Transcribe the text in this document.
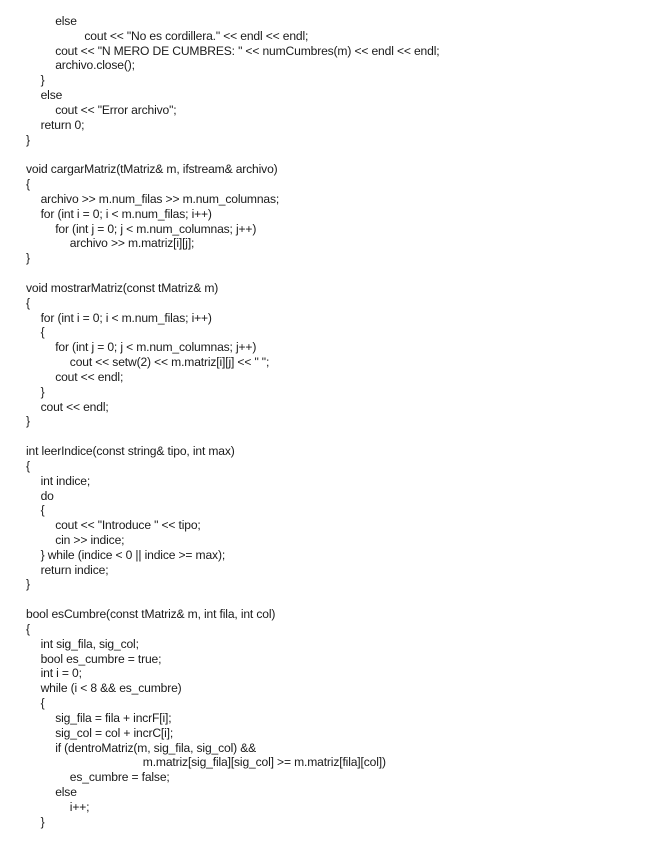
else
cout << "No es cordillera." << endl << endl;
cout << "N MERO DE CUMBRES: " << numCumbres(m) << endl << endl;
archivo.close();
}
else
cout << "Error archivo";
return 0;
}
void cargarMatriz(tMatriz& m, ifstream& archivo)
{
archivo >> m.num_filas >> m.num_columnas;
for (int i = 0; i < m.num_filas; i++)
for (int j = 0; j < m.num_columnas; j++)
archivo >> m.matriz[i][j];
}
void mostrarMatriz(const tMatriz& m)
{
for (int i = 0; i < m.num_filas; i++)
{
for (int j = 0; j < m.num_columnas; j++)
cout << setw(2) << m.matriz[i][j] << " ";
cout << endl;
}
cout << endl;
}
int leerIndice(const string& tipo, int max)
{
int indice;
do
{
cout << "Introduce " << tipo;
cin >> indice;
} while (indice < 0 || indice >= max);
return indice;
}
bool esCumbre(const tMatriz& m, int fila, int col)
{
int sig_fila, sig_col;
bool es_cumbre = true;
int i = 0;
while (i < 8 && es_cumbre)
{
sig_fila = fila + incrF[i];
sig_col = col + incrC[i];
if (dentroMatriz(m, sig_fila, sig_col) &&
m.matriz[sig_fila][sig_col] >= m.matriz[fila][col])
es_cumbre = false;
else
i++;
}
